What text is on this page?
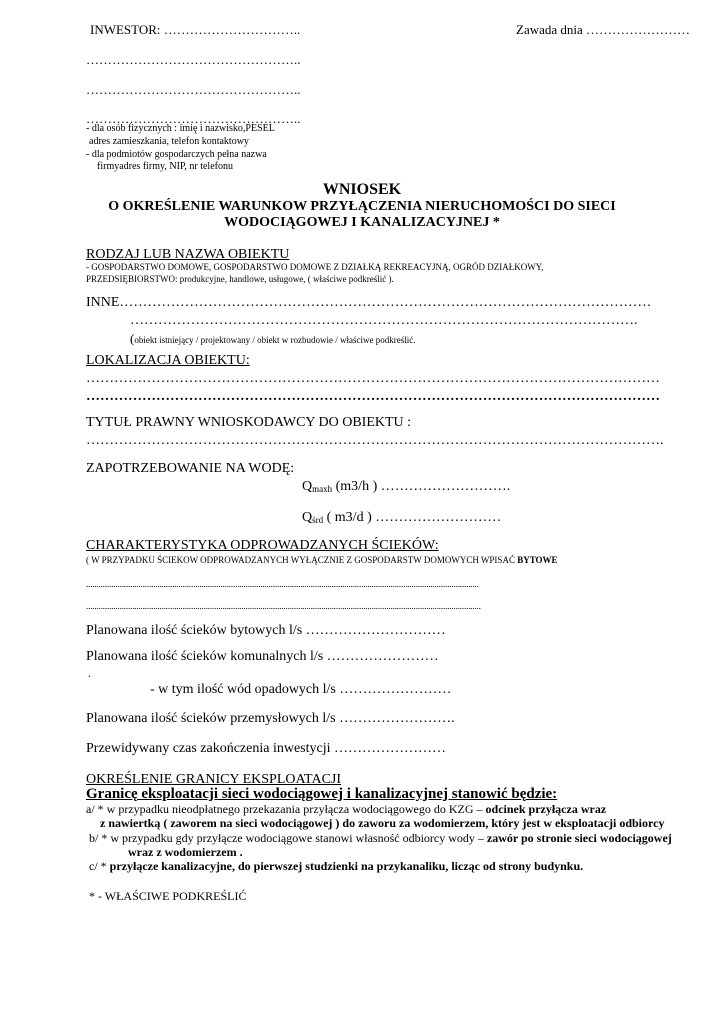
INWESTOR: …………………………..	Zawada dnia ……………………
…………………………………………..
…………………………………………..
…………………………………………..
- dla osób fizycznych : imię i nazwisko,PESEL
adres zamieszkania, telefon kontaktowy
- dla podmiotów gospodarczych pełna nazwa
firmyadres firmy, NIP, nr telefonu
WNIOSEK
O OKREŚLENIE WARUNKOW PRZYŁĄCZENIA NIERUCHOMOŚCI DO SIECI
WODOCIĄGOWEJ I KANALIZACYJNEJ *
RODZAJ LUB NAZWA OBIEKTU
- GOSPODARSTWO DOMOWE, GOSPODARSTWO DOMOWE Z DZIAŁKĄ REKREACYJNĄ, OGRÓD DZIAŁKOWY,
PRZEDSIĘBIORSTWO: produkcyjne, handlowe, usługowe, ( właściwe podkreślić ).
INNE……………………………………………………………………………………………………
……………………………………………………………………………………………….
(obiekt istniejący / projektowany / obiekt w rozbudowie / właściwe podkreślić.
LOKALIZACJA OBIEKTU:
……………………………………………………………………………………………………………
……………………………………………………………………………………………………………
TYTUŁ PRAWNY WNIOSKODAWCY DO OBIEKTU :
…………………………………………………………………………………………………………….
ZAPOTRZEBOWANIE NA WODĘ:
$Q_{maxh}$ (m3/h ) ……………………….
$Q_{śrd}$ ( m3/d ) ………………………
CHARAKTERYSTYKA ODPROWADZANYCH ŚCIEKÓW:
( W PRZYPADKU ŚCIEKOW ODPROWADZANYCH WYŁĄCZNIE Z GOSPODARSTW DOMOWYCH WPISAĆ BYTOWE
...........................................................................................................................................................................................
............................................................................................................................................................................................
Planowana ilość ścieków bytowych l/s …………………………
Planowana ilość ścieków komunalnych l/s ……………………
.
- w tym ilość wód opadowych l/s ……………………
Planowana ilość ścieków przemysłowych l/s …………………….
Przewidywany czas zakończenia inwestycji ……………………
OKREŚLENIE GRANICY EKSPLOATACJI
Granicę eksploatacji sieci wodociągowej i kanalizacyjnej stanowić będzie:
a/ * w przypadku nieodpłatnego przekazania przyłącza wodociągowego do KZG – odcinek przyłącza wraz
z nawiertką ( zaworem na sieci wodociągowej ) do zaworu za wodomierzem, który jest w eksploatacji odbiorcy
b/ * w przypadku gdy przyłącze wodociągowe stanowi własność odbiorcy wody – zawór po stronie sieci wodociągowej
wraz z wodomierzem .
c/ * przyłącze kanalizacyjne, do pierwszej studzienki na przykanaliku, licząc od strony budynku.
* - WŁAŚCIWE PODKREŚLIĆ
